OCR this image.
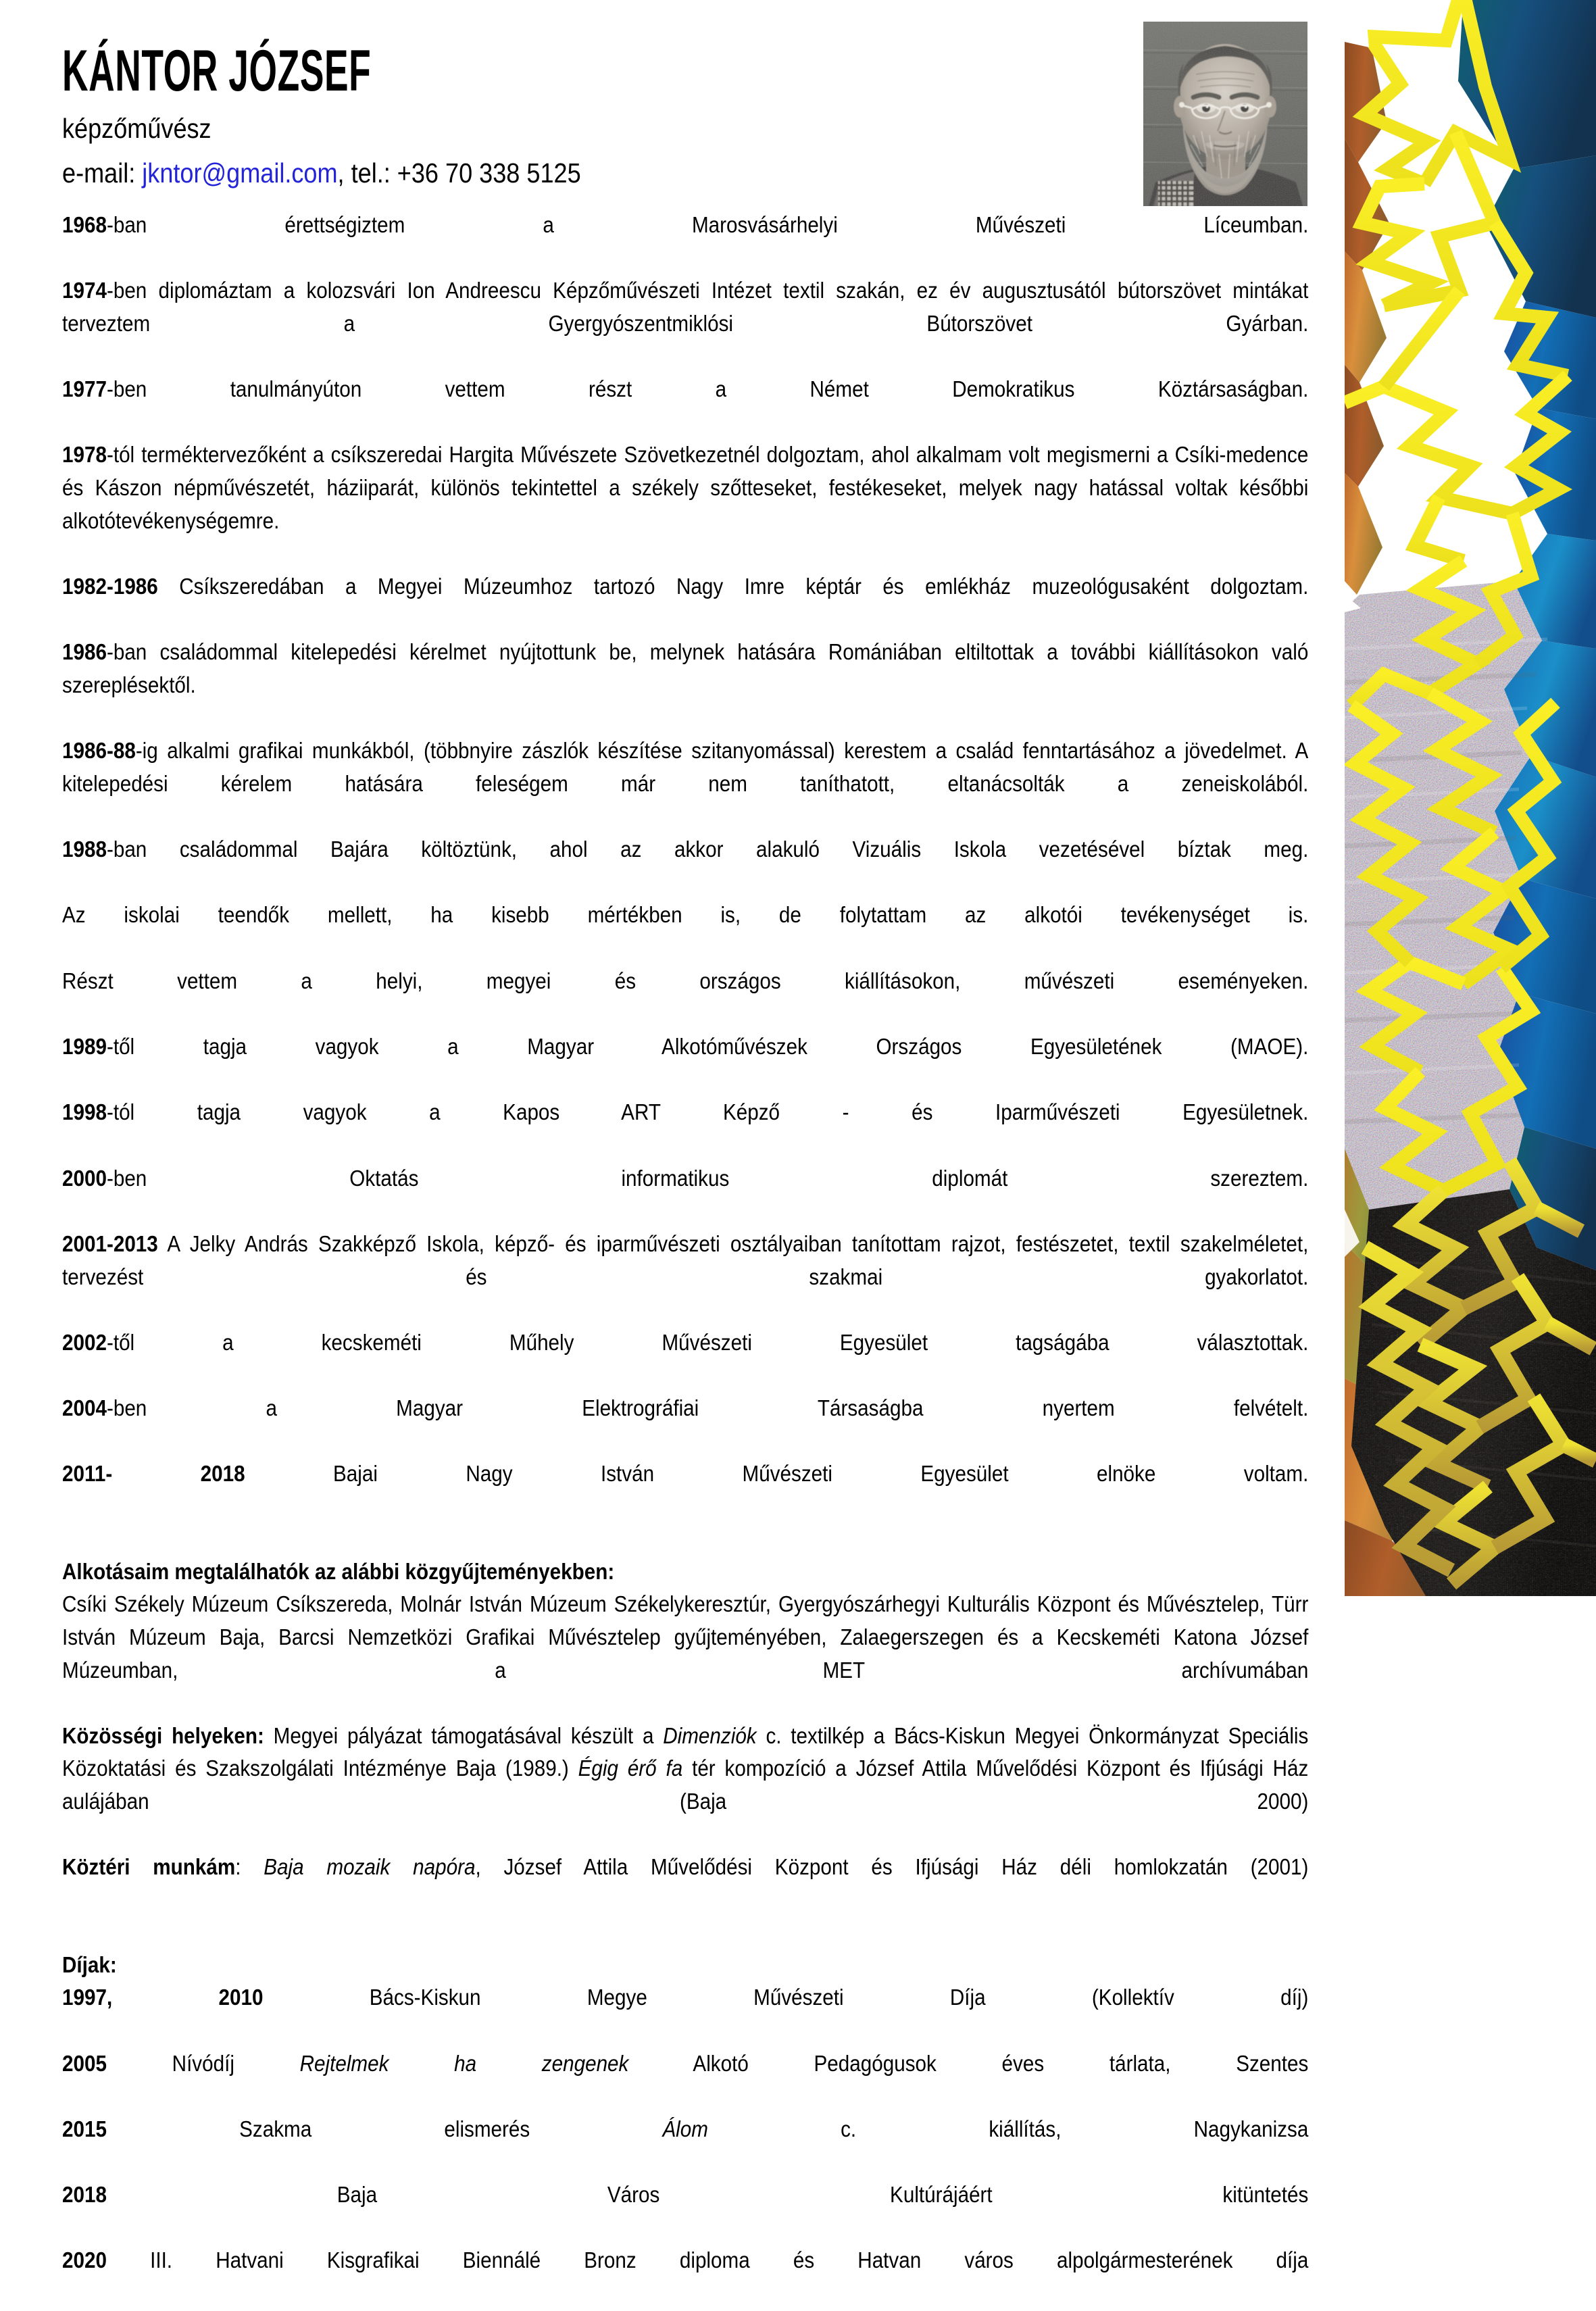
KÁNTOR JÓZSEF
képzőművész
e-mail: jkntor@gmail.com, tel.: +36 70 338 5125
1968-ban érettségiztem a Marosvásárhelyi Művészeti Líceumban.
1974-ben diplomáztam a kolozsvári Ion Andreescu Képzőművészeti Intézet textil szakán, ez év augusztusától bútorszövet mintákat terveztem a Gyergyószentmiklósi Bútorszövet Gyárban.
1977-ben tanulmányúton vettem részt a Német Demokratikus Köztársaságban.
1978-tól terméktervezőként a csíkszeredai Hargita Művészete Szövetkezetnél dolgoztam, ahol alkalmam volt megismerni a Csíki-medence és Kászon népművészetét, háziiparát, különös tekintettel a székely szőtteseket, festékeseket, melyek nagy hatással voltak későbbi alkotótevékenységemre.
1982-1986 Csíkszeredában a Megyei Múzeumhoz tartozó Nagy Imre képtár és emlékház muzeológusaként dolgoztam.
1986-ban családommal kitelepedési kérelmet nyújtottunk be, melynek hatására Romániában eltiltottak a további kiállításokon való szereplésektől.
1986-88-ig alkalmi grafikai munkákból, (többnyire zászlók készítése szitanyomással) kerestem a család fenntartásához a jövedelmet. A kitelepedési kérelem hatására feleségem már nem taníthatott, eltanácsolták a zeneiskolából.
1988-ban családommal Bajára költöztünk, ahol az akkor alakuló Vizuális Iskola vezetésével bíztak meg.
Az iskolai teendők mellett, ha kisebb mértékben is, de folytattam az alkotói tevékenységet is.
Részt vettem a helyi, megyei és országos kiállításokon, művészeti eseményeken.
1989-től tagja vagyok a Magyar Alkotóművészek Országos Egyesületének (MAOE).
1998-tól tagja vagyok a Kapos ART Képző - és Iparművészeti Egyesületnek.
2000-ben Oktatás informatikus diplomát szereztem.
2001-2013 A Jelky András Szakképző Iskola, képző- és iparművészeti osztályaiban tanítottam rajzot, festészetet, textil szakelméletet, tervezést és szakmai gyakorlatot.
2002-től a kecskeméti Műhely Művészeti Egyesület tagságába választottak.
2004-ben a Magyar Elektrográfiai Társaságba nyertem felvételt.
2011- 2018 Bajai Nagy István Művészeti Egyesület elnöke voltam.
Alkotásaim megtalálhatók az alábbi közgyűjteményekben:
Csíki Székely Múzeum Csíkszereda, Molnár István Múzeum Székelykeresztúr, Gyergyószárhegyi Kulturális Központ és Művésztelep, Türr István Múzeum Baja, Barcsi Nemzetközi Grafikai Művésztelep gyűjteményében, Zalaegerszegen és a Kecskeméti Katona József Múzeumban, a MET archívumában
Közösségi helyeken: Megyei pályázat támogatásával készült a Dimenziók c. textilkép a Bács-Kiskun Megyei Önkormányzat Speciális Közoktatási és Szakszolgálati Intézménye Baja (1989.) Égig érő fa tér kompozíció a József Attila Művelődési Központ és Ifjúsági Ház aulájában (Baja 2000)
Köztéri munkám: Baja mozaik napóra, József Attila Művelődési Központ és Ifjúsági Ház déli homlokzatán (2001)
Díjak:
1997, 2010 Bács-Kiskun Megye Művészeti Díja (Kollektív díj)
2005 Nívódíj Rejtelmek ha zengenek Alkotó Pedagógusok éves tárlata, Szentes
2015 Szakma elismerés Álom c. kiállítás, Nagykanizsa
2018 Baja Város Kultúrájáért kitüntetés
2020 III. Hatvani Kisgrafikai Biennálé Bronz diploma és Hatvan város alpolgármesterének díja
